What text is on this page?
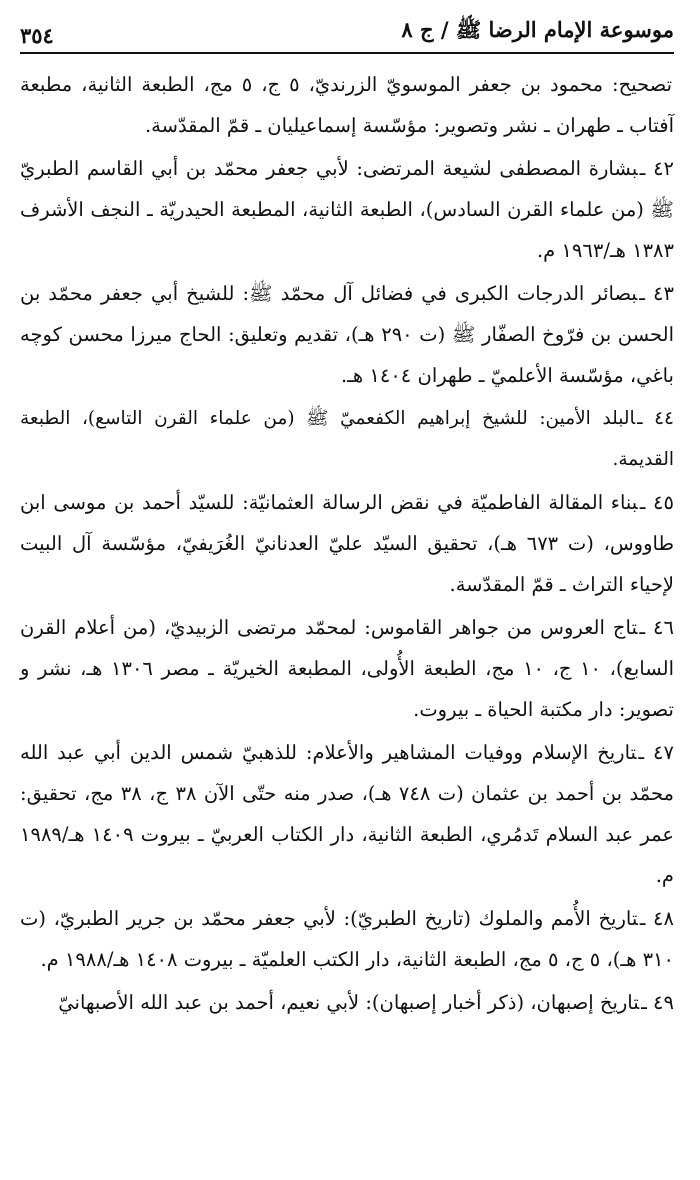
موسوعة الإمام الرضا ﷺ / ج ٨
٣٥٤

تصحيح: محمود بن جعفر الموسويّ الزرنديّ، ٥ ج، ٥ مج، الطبعة الثانية، مطبعة آفتاب ـ طهران ـ نشر وتصوير: مؤسّسة إسماعيليان ـ قمّ المقدّسة.

٤٢ ـبشارة المصطفى لشيعة المرتضى: لأبي جعفر محمّد بن أبي القاسم الطبريّ ﷺ (من علماء القرن السادس)، الطبعة الثانية، المطبعة الحيدريّة ـ النجف الأشرف ١٣٨٣ هـ/١٩٦٣ م.

٤٣ ـبصائر الدرجات الكبرى في فضائل آل محمّد ﷺ: للشيخ أبي جعفر محمّد بن الحسن بن فرّوخ الصفّار ﷺ (ت ٢٩٠ هـ)، تقديم وتعليق: الحاج ميرزا محسن كوچه باغي، مؤسّسة الأعلميّ ـ طهران ١٤٠٤ هـ.

٤٤ ـالبلد الأمين: للشيخ إبراهيم الكفعميّ ﷺ (من علماء القرن التاسع)، الطبعة القديمة.

٤٥ ـبناء المقالة الفاطميّة في نقض الرسالة العثمانيّة: للسيّد أحمد بن موسى ابن طاووس، (ت ٦٧٣ هـ)، تحقيق السيّد عليّ العدنانيّ الغُرَيفيّ، مؤسّسة آل البيت لإحياء التراث ـ قمّ المقدّسة.

٤٦ ـتاج العروس من جواهر القاموس: لمحمّد مرتضى الزبيديّ، (من أعلام القرن السابع)، ١٠ ج، ١٠ مج، الطبعة الأُولى، المطبعة الخيريّة ـ مصر ١٣٠٦ هـ، نشر و تصوير: دار مكتبة الحياة ـ بيروت.

٤٧ ـتاريخ الإسلام ووفيات المشاهير والأعلام: للذهبيّ شمس الدين أبي عبد الله محمّد بن أحمد بن عثمان (ت ٧٤٨ هـ)، صدر منه حتّى الآن ٣٨ ج، ٣٨ مج، تحقيق: عمر عبد السلام تَدمُري، الطبعة الثانية، دار الكتاب العربيّ ـ بيروت ١٤٠٩ هـ/١٩٨٩ م.

٤٨ ـتاريخ الأُمم والملوك (تاريخ الطبريّ): لأبي جعفر محمّد بن جرير الطبريّ، (ت ٣١٠ هـ)، ٥ ج، ٥ مج، الطبعة الثانية، دار الكتب العلميّة ـ بيروت ١٤٠٨ هـ/١٩٨٨ م.

٤٩ ـتاريخ إصبهان، (ذكر أخبار إصبهان): لأبي نعيم، أحمد بن عبد الله الأصبهانيّ
